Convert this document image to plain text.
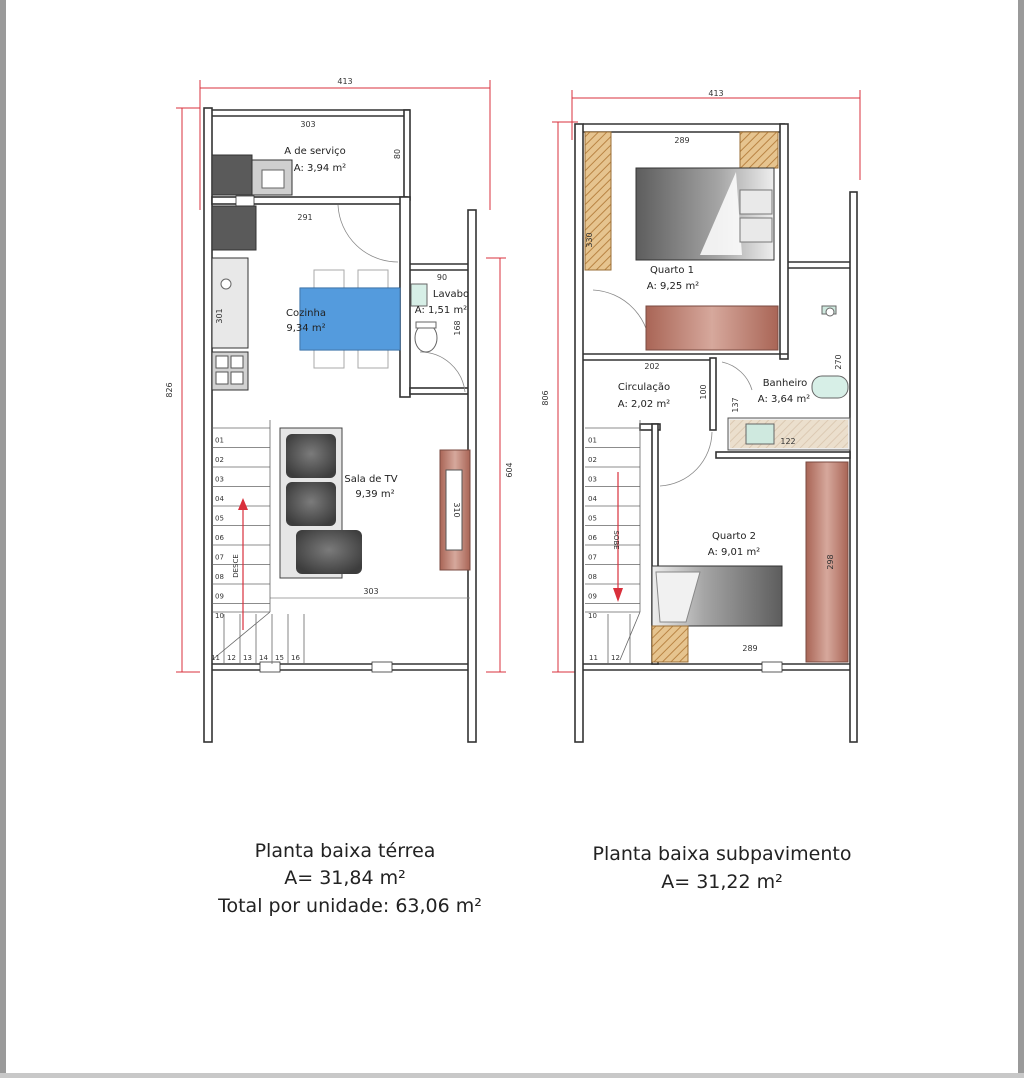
413
826
604
303
80
A de serviço
A: 3,94 m²
291
301	Cozinha
9,34 m²
90
168
Lavabo
A: 1,51 m²
310
Sala de TV
9,39 m²
303
DESCE
01
02
03
04
05
06
07
08
09
10
11 12 13 14 15 16
413
806
289
330
Quarto 1
A: 9,25 m²
202
100
Circulação
A: 2,02 m²
270
137
122
Banheiro
A: 3,64 m²
298
289
Quarto 2
A: 9,01 m²
SOBE
01
02
03
04
05
06
07
08
09
10
11 12
Planta baixa térrea
A= 31,84 m²
Total por unidade: 63,06 m²
Planta baixa subpavimento
A= 31,22 m²
